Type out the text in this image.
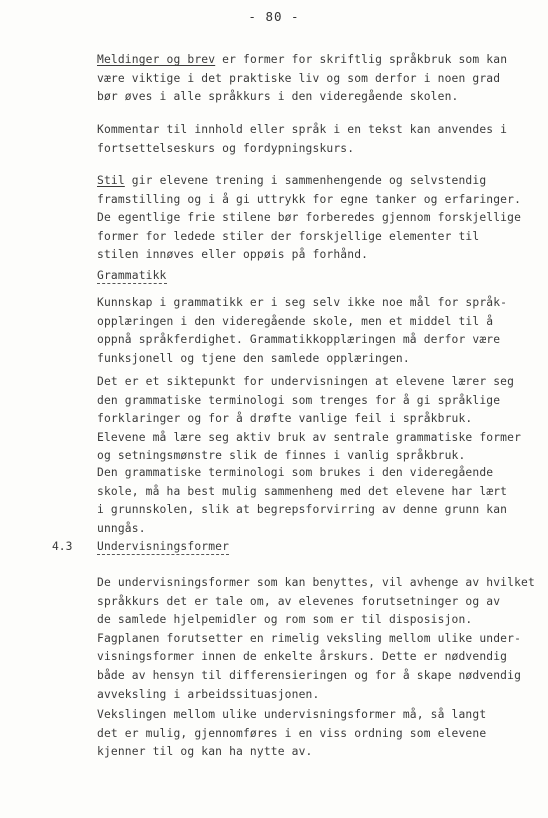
- 80 -

Meldinger og brev er former for skriftlig språkbruk som kan
være viktige i det praktiske liv og som derfor i noen grad
bør øves i alle språkkurs i den videregående skolen.

Kommentar til innhold eller språk i en tekst kan anvendes i
fortsettelseskurs og fordypningskurs.

Stil gir elevene trening i sammenhengende og selvstendig
framstilling og i å gi uttrykk for egne tanker og erfaringer.
De egentlige frie stilene bør forberedes gjennom forskjellige
former for ledede stiler der forskjellige elementer til
stilen innøves eller oppøis på forhånd.

Grammatikk

Kunnskap i grammatikk er i seg selv ikke noe mål for språk-
opplæringen i den videregående skole, men et middel til å
oppnå språkferdighet. Grammatikkopplæringen må derfor være
funksjonell og tjene den samlede opplæringen.

Det er et siktepunkt for undervisningen at elevene lærer seg
den grammatiske terminologi som trenges for å gi språklige
forklaringer og for å drøfte vanlige feil i språkbruk.
Elevene må lære seg aktiv bruk av sentrale grammatiske former
og setningsmønstre slik de finnes i vanlig språkbruk.

Den grammatiske terminologi som brukes i den videregående
skole, må ha best mulig sammenheng med det elevene har lært
i grunnskolen, slik at begrepsforvirring av denne grunn kan
unngås.

4.3 Undervisningsformer

De undervisningsformer som kan benyttes, vil avhenge av hvilket
språkkurs det er tale om, av elevenes forutsetninger og av
de samlede hjelpemidler og rom som er til disposisjon.
Fagplanen forutsetter en rimelig veksling mellom ulike under-
visningsformer innen de enkelte årskurs. Dette er nødvendig
både av hensyn til differensieringen og for å skape nødvendig
avveksling i arbeidssituasjonen.

Vekslingen mellom ulike undervisningsformer må, så langt
det er mulig, gjennomføres i en viss ordning som elevene
kjenner til og kan ha nytte av.
